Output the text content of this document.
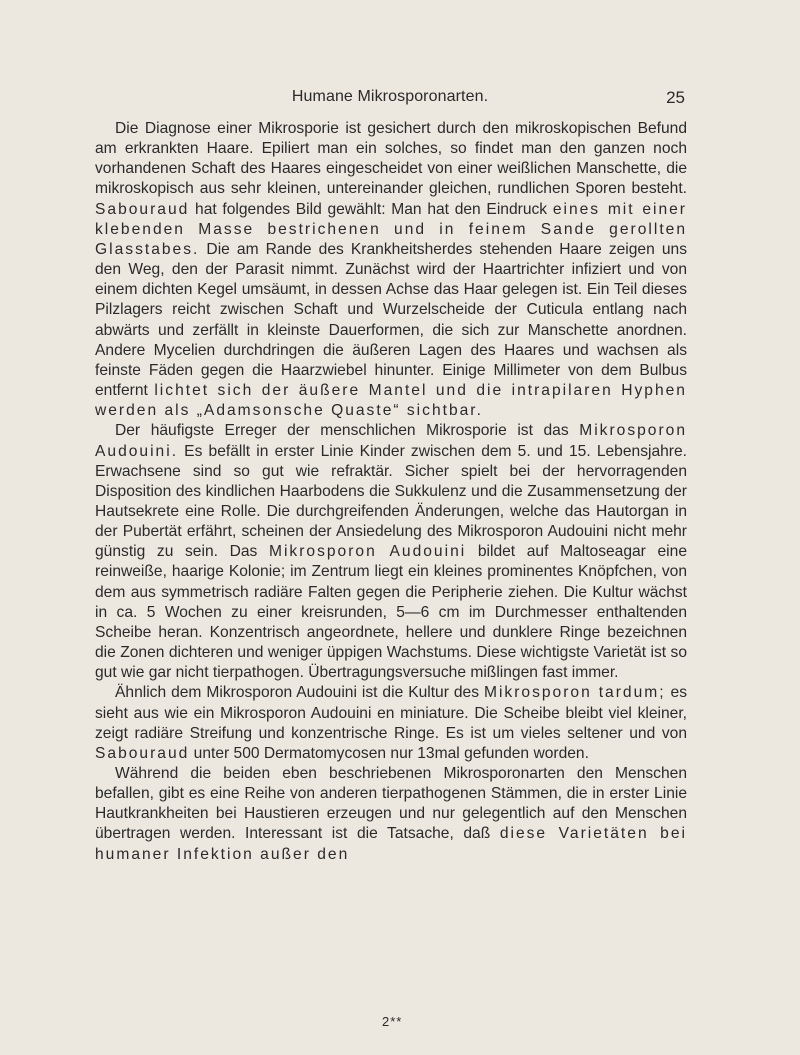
Humane Mikrosporonarten.	25

Die Diagnose einer Mikrosporie ist gesichert durch den mikroskopischen Befund am erkrankten Haare. Epiliert man ein solches, so findet man den ganzen noch vorhandenen Schaft des Haares eingescheidet von einer weißlichen Manschette, die mikroskopisch aus sehr kleinen, untereinander gleichen, rundlichen Sporen besteht. Sabouraud hat folgendes Bild gewählt: Man hat den Eindruck eines mit einer klebenden Masse bestrichenen und in feinem Sande gerollten Glasstabes. Die am Rande des Krankheitsherdes stehenden Haare zeigen uns den Weg, den der Parasit nimmt. Zunächst wird der Haartrichter infiziert und von einem dichten Kegel umsäumt, in dessen Achse das Haar gelegen ist. Ein Teil dieses Pilzlagers reicht zwischen Schaft und Wurzelscheide der Cuticula entlang nach abwärts und zerfällt in kleinste Dauerformen, die sich zur Manschette anordnen. Andere Mycelien durchdringen die äußeren Lagen des Haares und wachsen als feinste Fäden gegen die Haarzwiebel hinunter. Einige Millimeter von dem Bulbus entfernt lichtet sich der äußere Mantel und die intrapilaren Hyphen werden als „Adamsonsche Quaste“ sichtbar.

Der häufigste Erreger der menschlichen Mikrosporie ist das Mikrosporon Audouini. Es befällt in erster Linie Kinder zwischen dem 5. und 15. Lebensjahre. Erwachsene sind so gut wie refraktär. Sicher spielt bei der hervorragenden Disposition des kindlichen Haarbodens die Sukkulenz und die Zusammensetzung der Hautsekrete eine Rolle. Die durchgreifenden Änderungen, welche das Hautorgan in der Pubertät erfährt, scheinen der Ansiedelung des Mikrosporon Audouini nicht mehr günstig zu sein. Das Mikrosporon Audouini bildet auf Maltoseagar eine reinweiße, haarige Kolonie; im Zentrum liegt ein kleines prominentes Knöpfchen, von dem aus symmetrisch radiäre Falten gegen die Peripherie ziehen. Die Kultur wächst in ca. 5 Wochen zu einer kreisrunden, 5—6 cm im Durchmesser enthaltenden Scheibe heran. Konzentrisch angeordnete, hellere und dunklere Ringe bezeichnen die Zonen dichteren und weniger üppigen Wachstums. Diese wichtigste Varietät ist so gut wie gar nicht tierpathogen. Übertragungsversuche mißlingen fast immer.

Ähnlich dem Mikrosporon Audouini ist die Kultur des Mikrosporon tardum; es sieht aus wie ein Mikrosporon Audouini en miniature. Die Scheibe bleibt viel kleiner, zeigt radiäre Streifung und konzentrische Ringe. Es ist um vieles seltener und von Sabouraud unter 500 Dermatomycosen nur 13mal gefunden worden.

Während die beiden eben beschriebenen Mikrosporonarten den Menschen befallen, gibt es eine Reihe von anderen tierpathogenen Stämmen, die in erster Linie Hautkrankheiten bei Haustieren erzeugen und nur gelegentlich auf den Menschen übertragen werden. Interessant ist die Tatsache, daß diese Varietäten bei humaner Infektion außer den

2**
